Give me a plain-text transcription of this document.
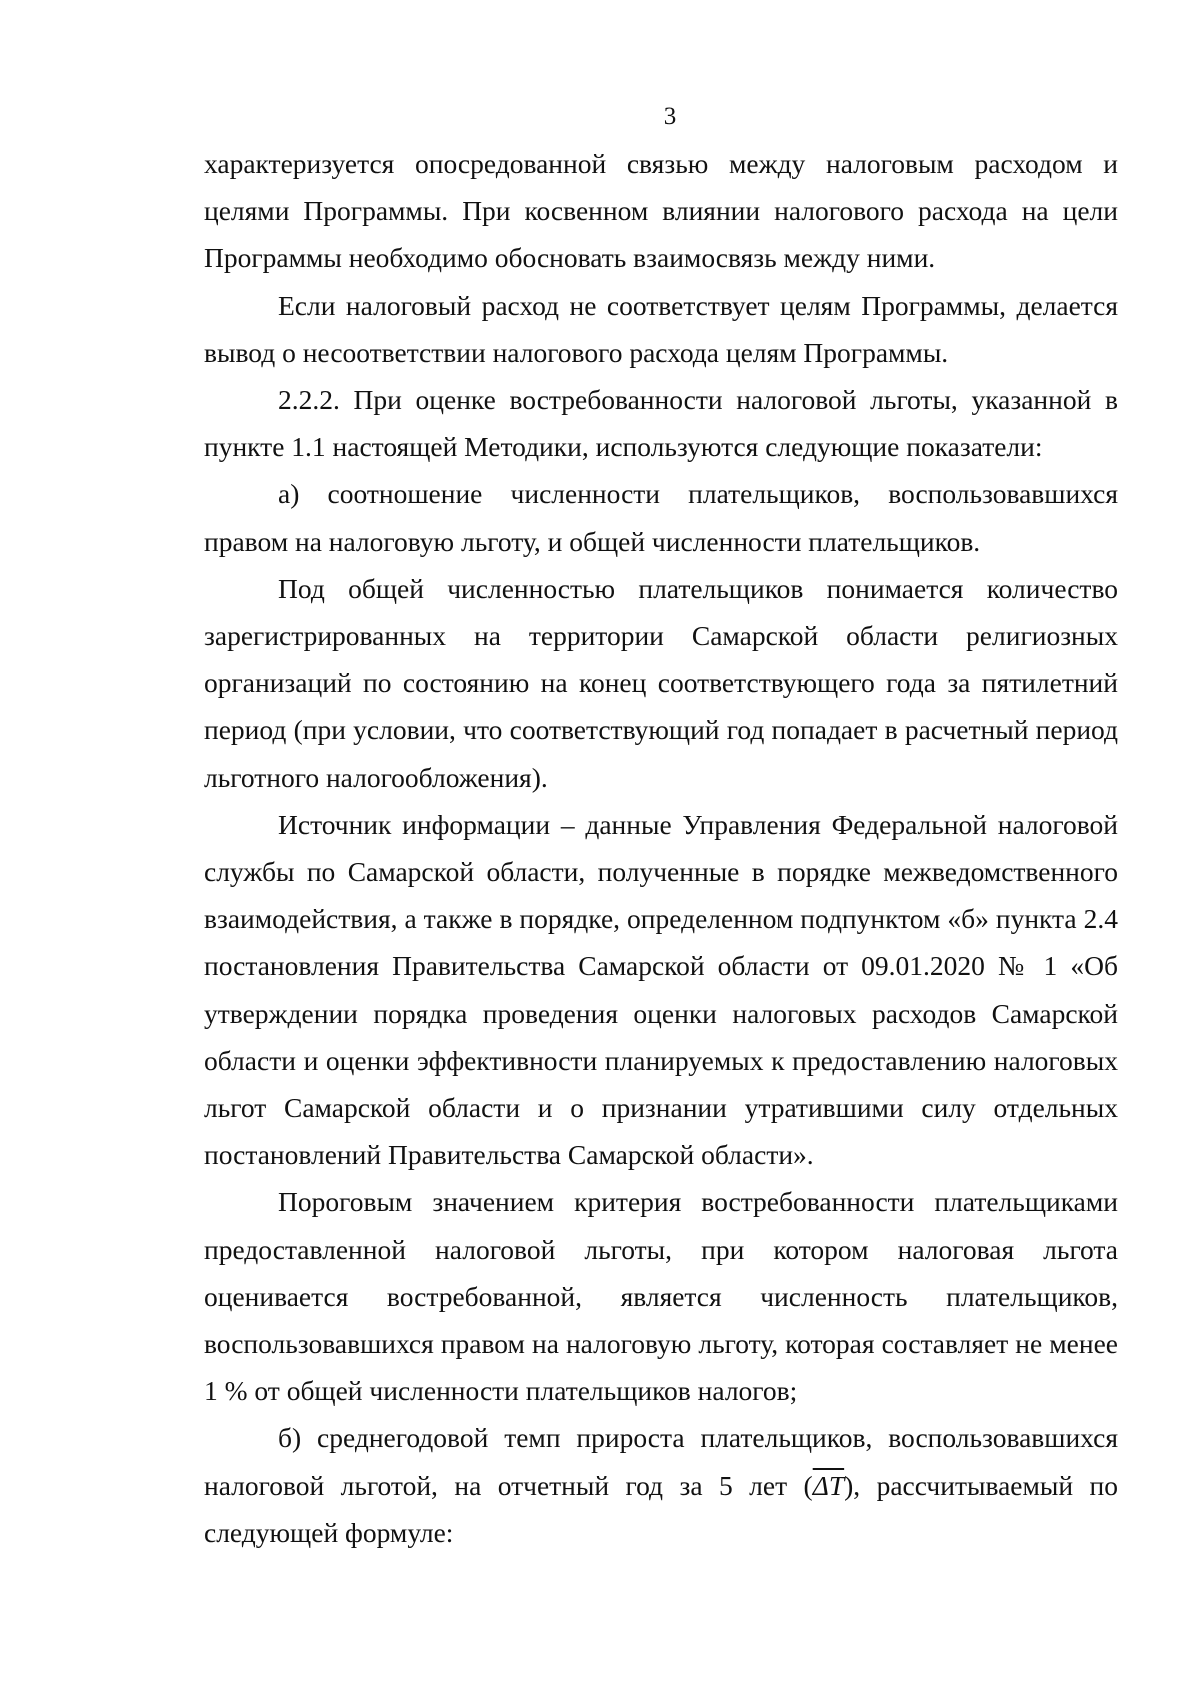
3

характеризуется опосредованной связью между налоговым расходом и целями Программы. При косвенном влиянии налогового расхода на цели Программы необходимо обосновать взаимосвязь между ними.

Если налоговый расход не соответствует целям Программы, делается вывод о несоответствии налогового расхода целям Программы.

2.2.2. При оценке востребованности налоговой льготы, указанной в пункте 1.1 настоящей Методики, используются следующие показатели:

а) соотношение численности плательщиков, воспользовавшихся правом на налоговую льготу, и общей численности плательщиков.

Под общей численностью плательщиков понимается количество зарегистрированных на территории Самарской области религиозных организаций по состоянию на конец соответствующего года за пятилетний период (при условии, что соответствующий год попадает в расчетный период льготного налогообложения).

Источник информации – данные Управления Федеральной налоговой службы по Самарской области, полученные в порядке межведомственного взаимодействия, а также в порядке, определенном подпунктом «б» пункта 2.4 постановления Правительства Самарской области от 09.01.2020 № 1 «Об утверждении порядка проведения оценки налоговых расходов Самарской области и оценки эффективности планируемых к предоставлению налоговых льгот Самарской области и о признании утратившими силу отдельных постановлений Правительства Самарской области».

Пороговым значением критерия востребованности плательщиками предоставленной налоговой льготы, при котором налоговая льгота оценивается востребованной, является численность плательщиков, воспользовавшихся правом на налоговую льготу, которая составляет не менее 1 % от общей численности плательщиков налогов;

б) среднегодовой темп прироста плательщиков, воспользовавшихся налоговой льготой, на отчетный год за 5 лет $(\overline{\Delta T})$, рассчитываемый по следующей формуле:
